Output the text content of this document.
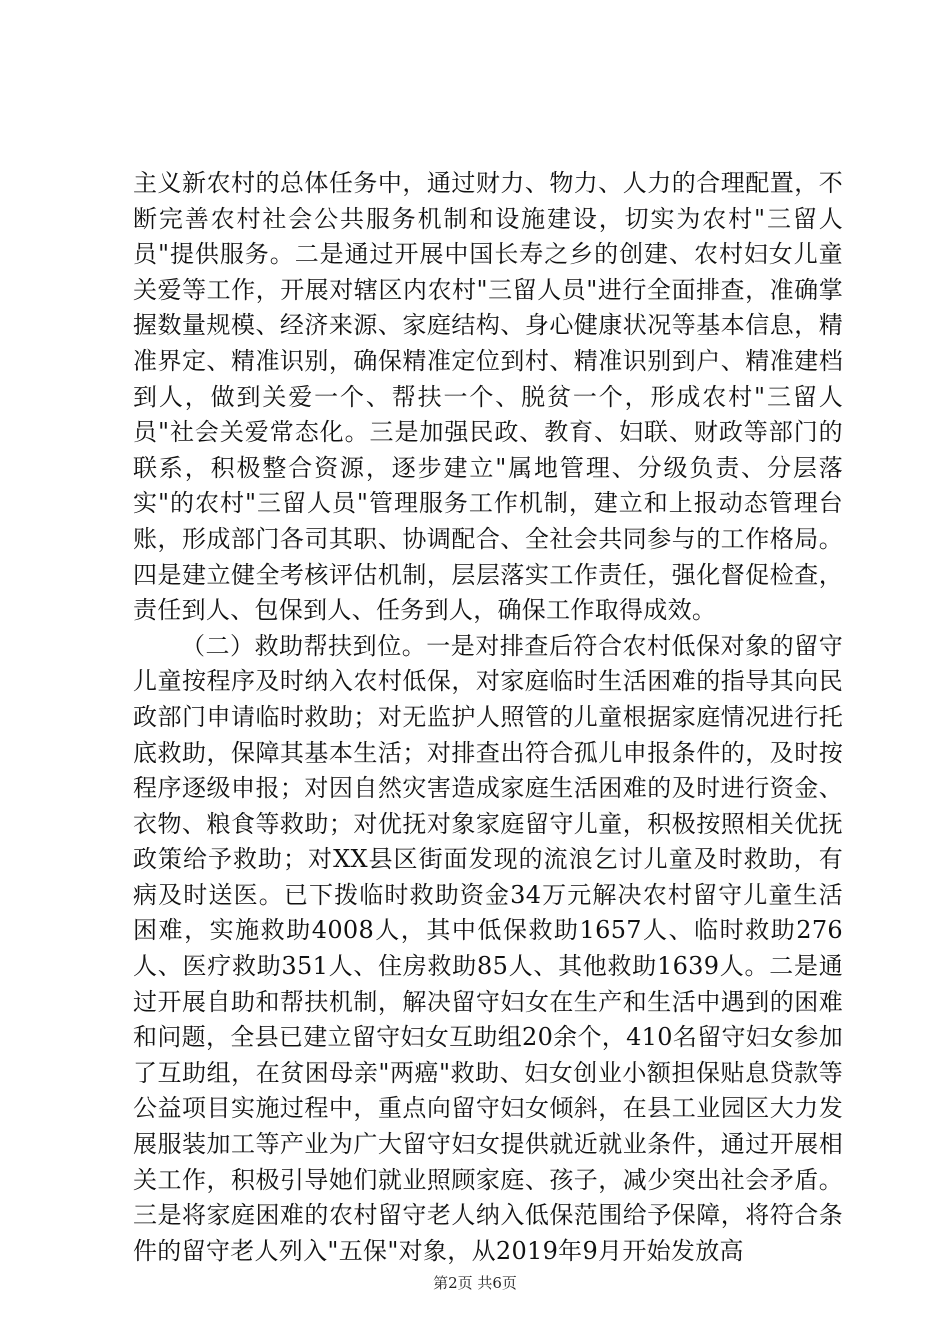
主义新农村的总体任务中，通过财力、物力、人力的合理配置，不断完善农村社会公共服务机制和设施建设，切实为农村"三留人员"提供服务。二是通过开展中国长寿之乡的创建、农村妇女儿童关爱等工作，开展对辖区内农村"三留人员"进行全面排查，准确掌握数量规模、经济来源、家庭结构、身心健康状况等基本信息，精准界定、精准识别，确保精准定位到村、精准识别到户、精准建档到人，做到关爱一个、帮扶一个、脱贫一个，形成农村"三留人员"社会关爱常态化。三是加强民政、教育、妇联、财政等部门的联系，积极整合资源，逐步建立"属地管理、分级负责、分层落实"的农村"三留人员"管理服务工作机制，建立和上报动态管理台账，形成部门各司其职、协调配合、全社会共同参与的工作格局。四是建立健全考核评估机制，层层落实工作责任，强化督促检查，责任到人、包保到人、任务到人，确保工作取得成效。

（二）救助帮扶到位。一是对排查后符合农村低保对象的留守儿童按程序及时纳入农村低保，对家庭临时生活困难的指导其向民政部门申请临时救助；对无监护人照管的儿童根据家庭情况进行托底救助，保障其基本生活；对排查出符合孤儿申报条件的，及时按程序逐级申报；对因自然灾害造成家庭生活困难的及时进行资金、衣物、粮食等救助；对优抚对象家庭留守儿童，积极按照相关优抚政策给予救助；对XX县区街面发现的流浪乞讨儿童及时救助，有病及时送医。已下拨临时救助资金34万元解决农村留守儿童生活困难，实施救助4008人，其中低保救助1657人、临时救助276人、医疗救助351人、住房救助85人、其他救助1639人。二是通过开展自助和帮扶机制，解决留守妇女在生产和生活中遇到的困难和问题，全县已建立留守妇女互助组20余个，410名留守妇女参加了互助组，在贫困母亲"两癌"救助、妇女创业小额担保贴息贷款等公益项目实施过程中，重点向留守妇女倾斜，在县工业园区大力发展服装加工等产业为广大留守妇女提供就近就业条件，通过开展相关工作，积极引导她们就业照顾家庭、孩子，减少突出社会矛盾。三是将家庭困难的农村留守老人纳入低保范围给予保障，将符合条件的留守老人列入"五保"对象，从2019年9月开始发放高

第2页 共6页
